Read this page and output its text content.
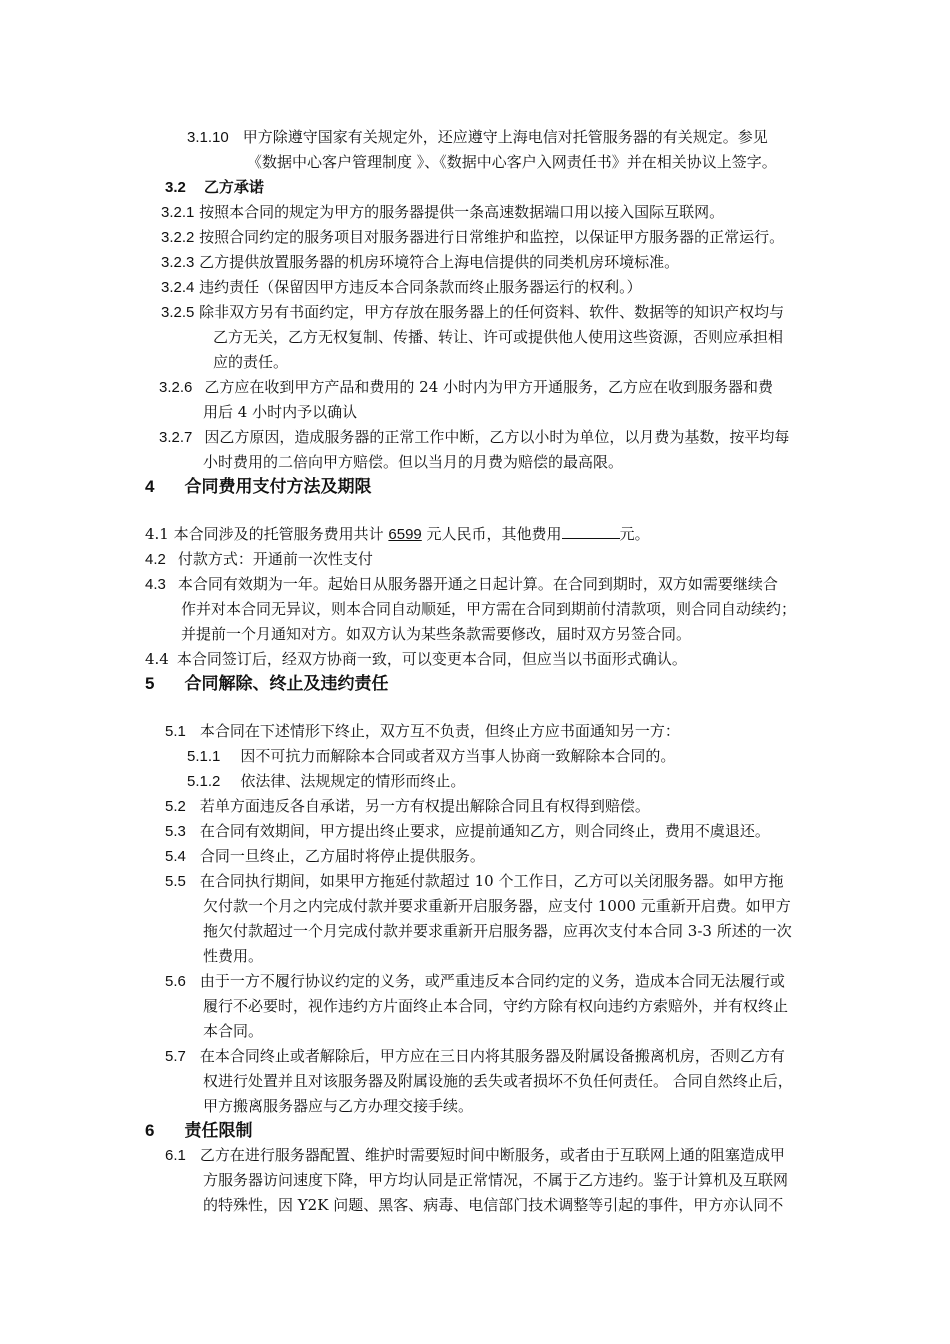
3.1.10 甲方除遵守国家有关规定外，还应遵守上海电信对托管服务器的有关规定。参见
《数据中心客户管理制度 》、《数据中心客户入网责任书》并在相关协议上签字。
3.2 乙方承诺
3.2.1 按照本合同的规定为甲方的服务器提供一条高速数据端口用以接入国际互联网。
3.2.2 按照合同约定的服务项目对服务器进行日常维护和监控，以保证甲方服务器的正常运行。
3.2.3 乙方提供放置服务器的机房环境符合上海电信提供的同类机房环境标准。
3.2.4 违约责任（保留因甲方违反本合同条款而终止服务器运行的权利。）
3.2.5 除非双方另有书面约定，甲方存放在服务器上的任何资料、软件、数据等的知识产权均与
乙方无关，乙方无权复制、传播、转让、许可或提供他人使用这些资源，否则应承担相
应的责任。
3.2.6 乙方应在收到甲方产品和费用的 24 小时内为甲方开通服务，乙方应在收到服务器和费
用后 4 小时内予以确认
3.2.7 因乙方原因，造成服务器的正常工作中断，乙方以小时为单位，以月费为基数，按平均每
小时费用的二倍向甲方赔偿。但以当月的月费为赔偿的最高限。
4 合同费用支付方法及期限
4.1 本合同涉及的托管服务费用共计 6599 元人民币，其他费用	元。
4.2 付款方式：开通前一次性支付
4.3 本合同有效期为一年。起始日从服务器开通之日起计算。在合同到期时，双方如需要继续合
作并对本合同无异议，则本合同自动顺延，甲方需在合同到期前付清款项，则合同自动续约；
并提前一个月通知对方。如双方认为某些条款需要修改，届时双方另签合同。
4.4 本合同签订后，经双方协商一致，可以变更本合同，但应当以书面形式确认。
5 合同解除、终止及违约责任
5.1 本合同在下述情形下终止，双方互不负责，但终止方应书面通知另一方：
5.1.1 因不可抗力而解除本合同或者双方当事人协商一致解除本合同的。
5.1.2 依法律、法规规定的情形而终止。
5.2 若单方面违反各自承诺，另一方有权提出解除合同且有权得到赔偿。
5.3 在合同有效期间，甲方提出终止要求，应提前通知乙方，则合同终止，费用不虞退还。
5.4 合同一旦终止，乙方届时将停止提供服务。
5.5 在合同执行期间，如果甲方拖延付款超过 10 个工作日，乙方可以关闭服务器。如甲方拖
欠付款一个月之内完成付款并要求重新开启服务器，应支付 1000 元重新开启费。如甲方
拖欠付款超过一个月完成付款并要求重新开启服务器，应再次支付本合同 3-3 所述的一次
性费用。
5.6 由于一方不履行协议约定的义务，或严重违反本合同约定的义务，造成本合同无法履行或
履行不必要时，视作违约方片面终止本合同，守约方除有权向违约方索赔外，并有权终止
本合同。
5.7 在本合同终止或者解除后，甲方应在三日内将其服务器及附属设备搬离机房，否则乙方有
权进行处置并且对该服务器及附属设施的丢失或者损坏不负任何责任。 合同自然终止后，
甲方搬离服务器应与乙方办理交接手续。
6 责任限制
6.1 乙方在进行服务器配置、维护时需要短时间中断服务，或者由于互联网上通的阻塞造成甲
方服务器访问速度下降，甲方均认同是正常情况，不属于乙方违约。鉴于计算机及互联网
的特殊性，因 Y2K 问题、黑客、病毒、电信部门技术调整等引起的事件，甲方亦认同不
